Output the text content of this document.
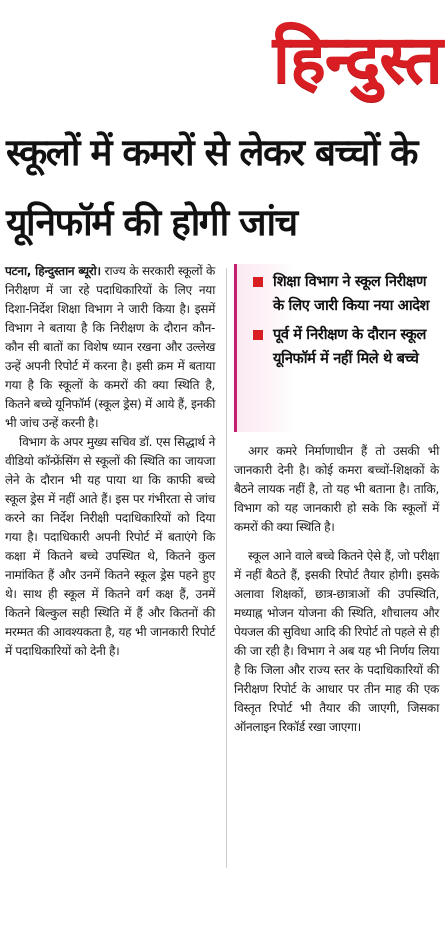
हिन्दुस्त
स्कूलों में कमरों से लेकर बच्चों के यूनिफॉर्म की होगी जांच

पटना, हिन्दुस्तान ब्यूरो। राज्य के सरकारी स्कूलों के निरीक्षण में जा रहे पदाधिकारियों के लिए नया दिशा-निर्देश शिक्षा विभाग ने जारी किया है। इसमें विभाग ने बताया है कि निरीक्षण के दौरान कौन-कौन सी बातों का विशेष ध्यान रखना और उल्लेख उन्हें अपनी रिपोर्ट में करना है। इसी क्रम में बताया गया है कि स्कूलों के कमरों की क्या स्थिति है, कितने बच्चे यूनिफॉर्म (स्कूल ड्रेस) में आये हैं, इनकी भी जांच उन्हें करनी है।

विभाग के अपर मुख्य सचिव डॉ. एस सिद्धार्थ ने वीडियो कॉन्फ्रेंसिंग से स्कूलों की स्थिति का जायजा लेने के दौरान भी यह पाया था कि काफी बच्चे स्कूल ड्रेस में नहीं आते हैं। इस पर गंभीरता से जांच करने का निर्देश निरीक्षी पदाधिकारियों को दिया गया है। पदाधिकारी अपनी रिपोर्ट में बताएंगे कि कक्षा में कितने बच्चे उपस्थित थे, कितने कुल नामांकित हैं और उनमें कितने स्कूल ड्रेस पहने हुए थे। साथ ही स्कूल में कितने वर्ग कक्ष हैं, उनमें कितने बिल्कुल सही स्थिति में हैं और कितनों की मरम्मत की आवश्यकता है, यह भी जानकारी रिपोर्ट में पदाधिकारियों को देनी है।

शिक्षा विभाग ने स्कूल निरीक्षण के लिए जारी किया नया आदेश
पूर्व में निरीक्षण के दौरान स्कूल यूनिफॉर्म में नहीं मिले थे बच्चे

अगर कमरे निर्माणाधीन हैं तो उसकी भी जानकारी देनी है। कोई कमरा बच्चों-शिक्षकों के बैठने लायक नहीं है, तो यह भी बताना है। ताकि, विभाग को यह जानकारी हो सके कि स्कूलों में कमरों की क्या स्थिति है।

स्कूल आने वाले बच्चे कितने ऐसे हैं, जो परीक्षा में नहीं बैठते हैं, इसकी रिपोर्ट तैयार होगी। इसके अलावा शिक्षकों, छात्र-छात्राओं की उपस्थिति, मध्याह्न भोजन योजना की स्थिति, शौचालय और पेयजल की सुविधा आदि की रिपोर्ट तो पहले से ही की जा रही है। विभाग ने अब यह भी निर्णय लिया है कि जिला और राज्य स्तर के पदाधिकारियों की निरीक्षण रिपोर्ट के आधार पर तीन माह की एक विस्तृत रिपोर्ट भी तैयार की जाएगी, जिसका ऑनलाइन रिकॉर्ड रखा जाएगा।
